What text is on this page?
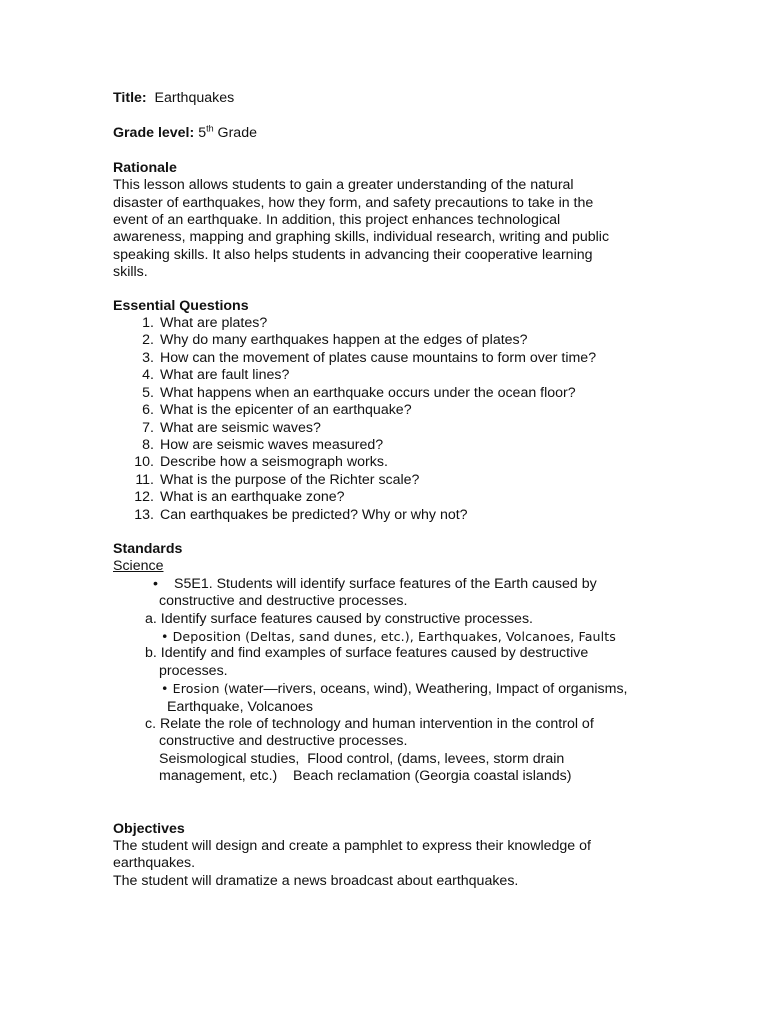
Title: Earthquakes
Grade level: 5th Grade
Rationale
This lesson allows students to gain a greater understanding of the natural
disaster of earthquakes, how they form, and safety precautions to take in the
event of an earthquake. In addition, this project enhances technological
awareness, mapping and graphing skills, individual research, writing and public
speaking skills. It also helps students in advancing their cooperative learning
skills.
Essential Questions
1. What are plates?
2. Why do many earthquakes happen at the edges of plates?
3. How can the movement of plates cause mountains to form over time?
4. What are fault lines?
5. What happens when an earthquake occurs under the ocean floor?
6. What is the epicenter of an earthquake?
7. What are seismic waves?
8. How are seismic waves measured?
10. Describe how a seismograph works.
11. What is the purpose of the Richter scale?
12. What is an earthquake zone?
13. Can earthquakes be predicted? Why or why not?
Standards
Science
•	S5E1. Students will identify surface features of the Earth caused by
constructive and destructive processes.
a. Identify surface features caused by constructive processes.
• Deposition (Deltas, sand dunes, etc.), Earthquakes, Volcanoes, Faults
b. Identify and find examples of surface features caused by destructive
processes.
• Erosion (water—rivers, oceans, wind), Weathering, Impact of organisms,
Earthquake, Volcanoes
c. Relate the role of technology and human intervention in the control of
constructive and destructive processes.
Seismological studies,  Flood control, (dams, levees, storm drain
management, etc.)    Beach reclamation (Georgia coastal islands)
Objectives
The student will design and create a pamphlet to express their knowledge of
earthquakes.
The student will dramatize a news broadcast about earthquakes.
